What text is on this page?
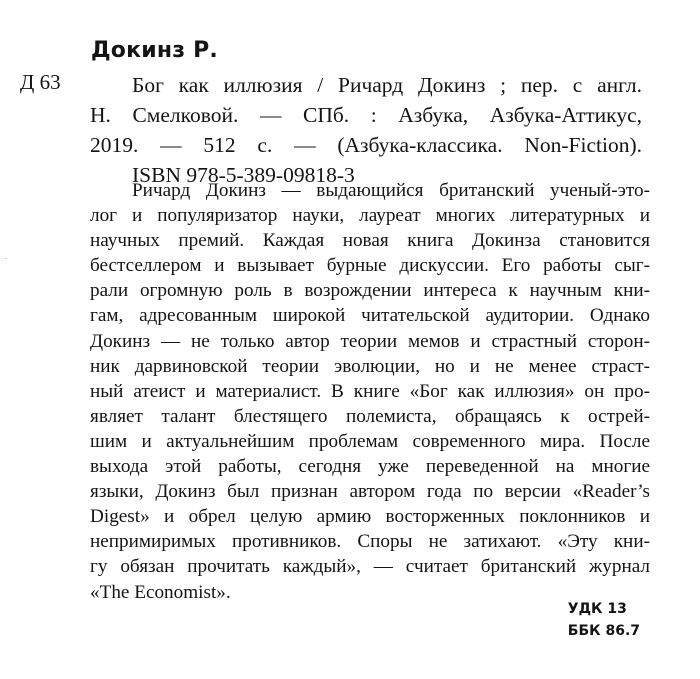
Докинз Р.
Д 63	Бог как иллюзия / Ричард Докинз ; пер. с англ.
Н. Смелковой. — СПб. : Азбука, Азбука-Аттикус,
2019. — 512 с. — (Азбука-классика. Non-Fiction).
ISBN 978-5-389-09818-3
Ричард Докинз — выдающийся британский ученый-это-
лог и популяризатор науки, лауреат многих литературных и
научных премий. Каждая новая книга Докинза становится
бестселлером и вызывает бурные дискуссии. Его работы сыг-
рали огромную роль в возрождении интереса к научным кни-
гам, адресованным широкой читательской аудитории. Однако
Докинз — не только автор теории мемов и страстный сторон-
ник дарвиновской теории эволюции, но и не менее страст-
ный атеист и материалист. В книге «Бог как иллюзия» он про-
являет талант блестящего полемиста, обращаясь к острей-
шим и актуальнейшим проблемам современного мира. После
выхода этой работы, сегодня уже переведенной на многие
языки, Докинз был признан автором года по версии «Reader’s
Digest» и обрел целую армию восторженных поклонников и
непримиримых противников. Споры не затихают. «Эту кни-
гу обязан прочитать каждый», — считает британский журнал
«The Economist».
УДК 13
ББК 86.7
